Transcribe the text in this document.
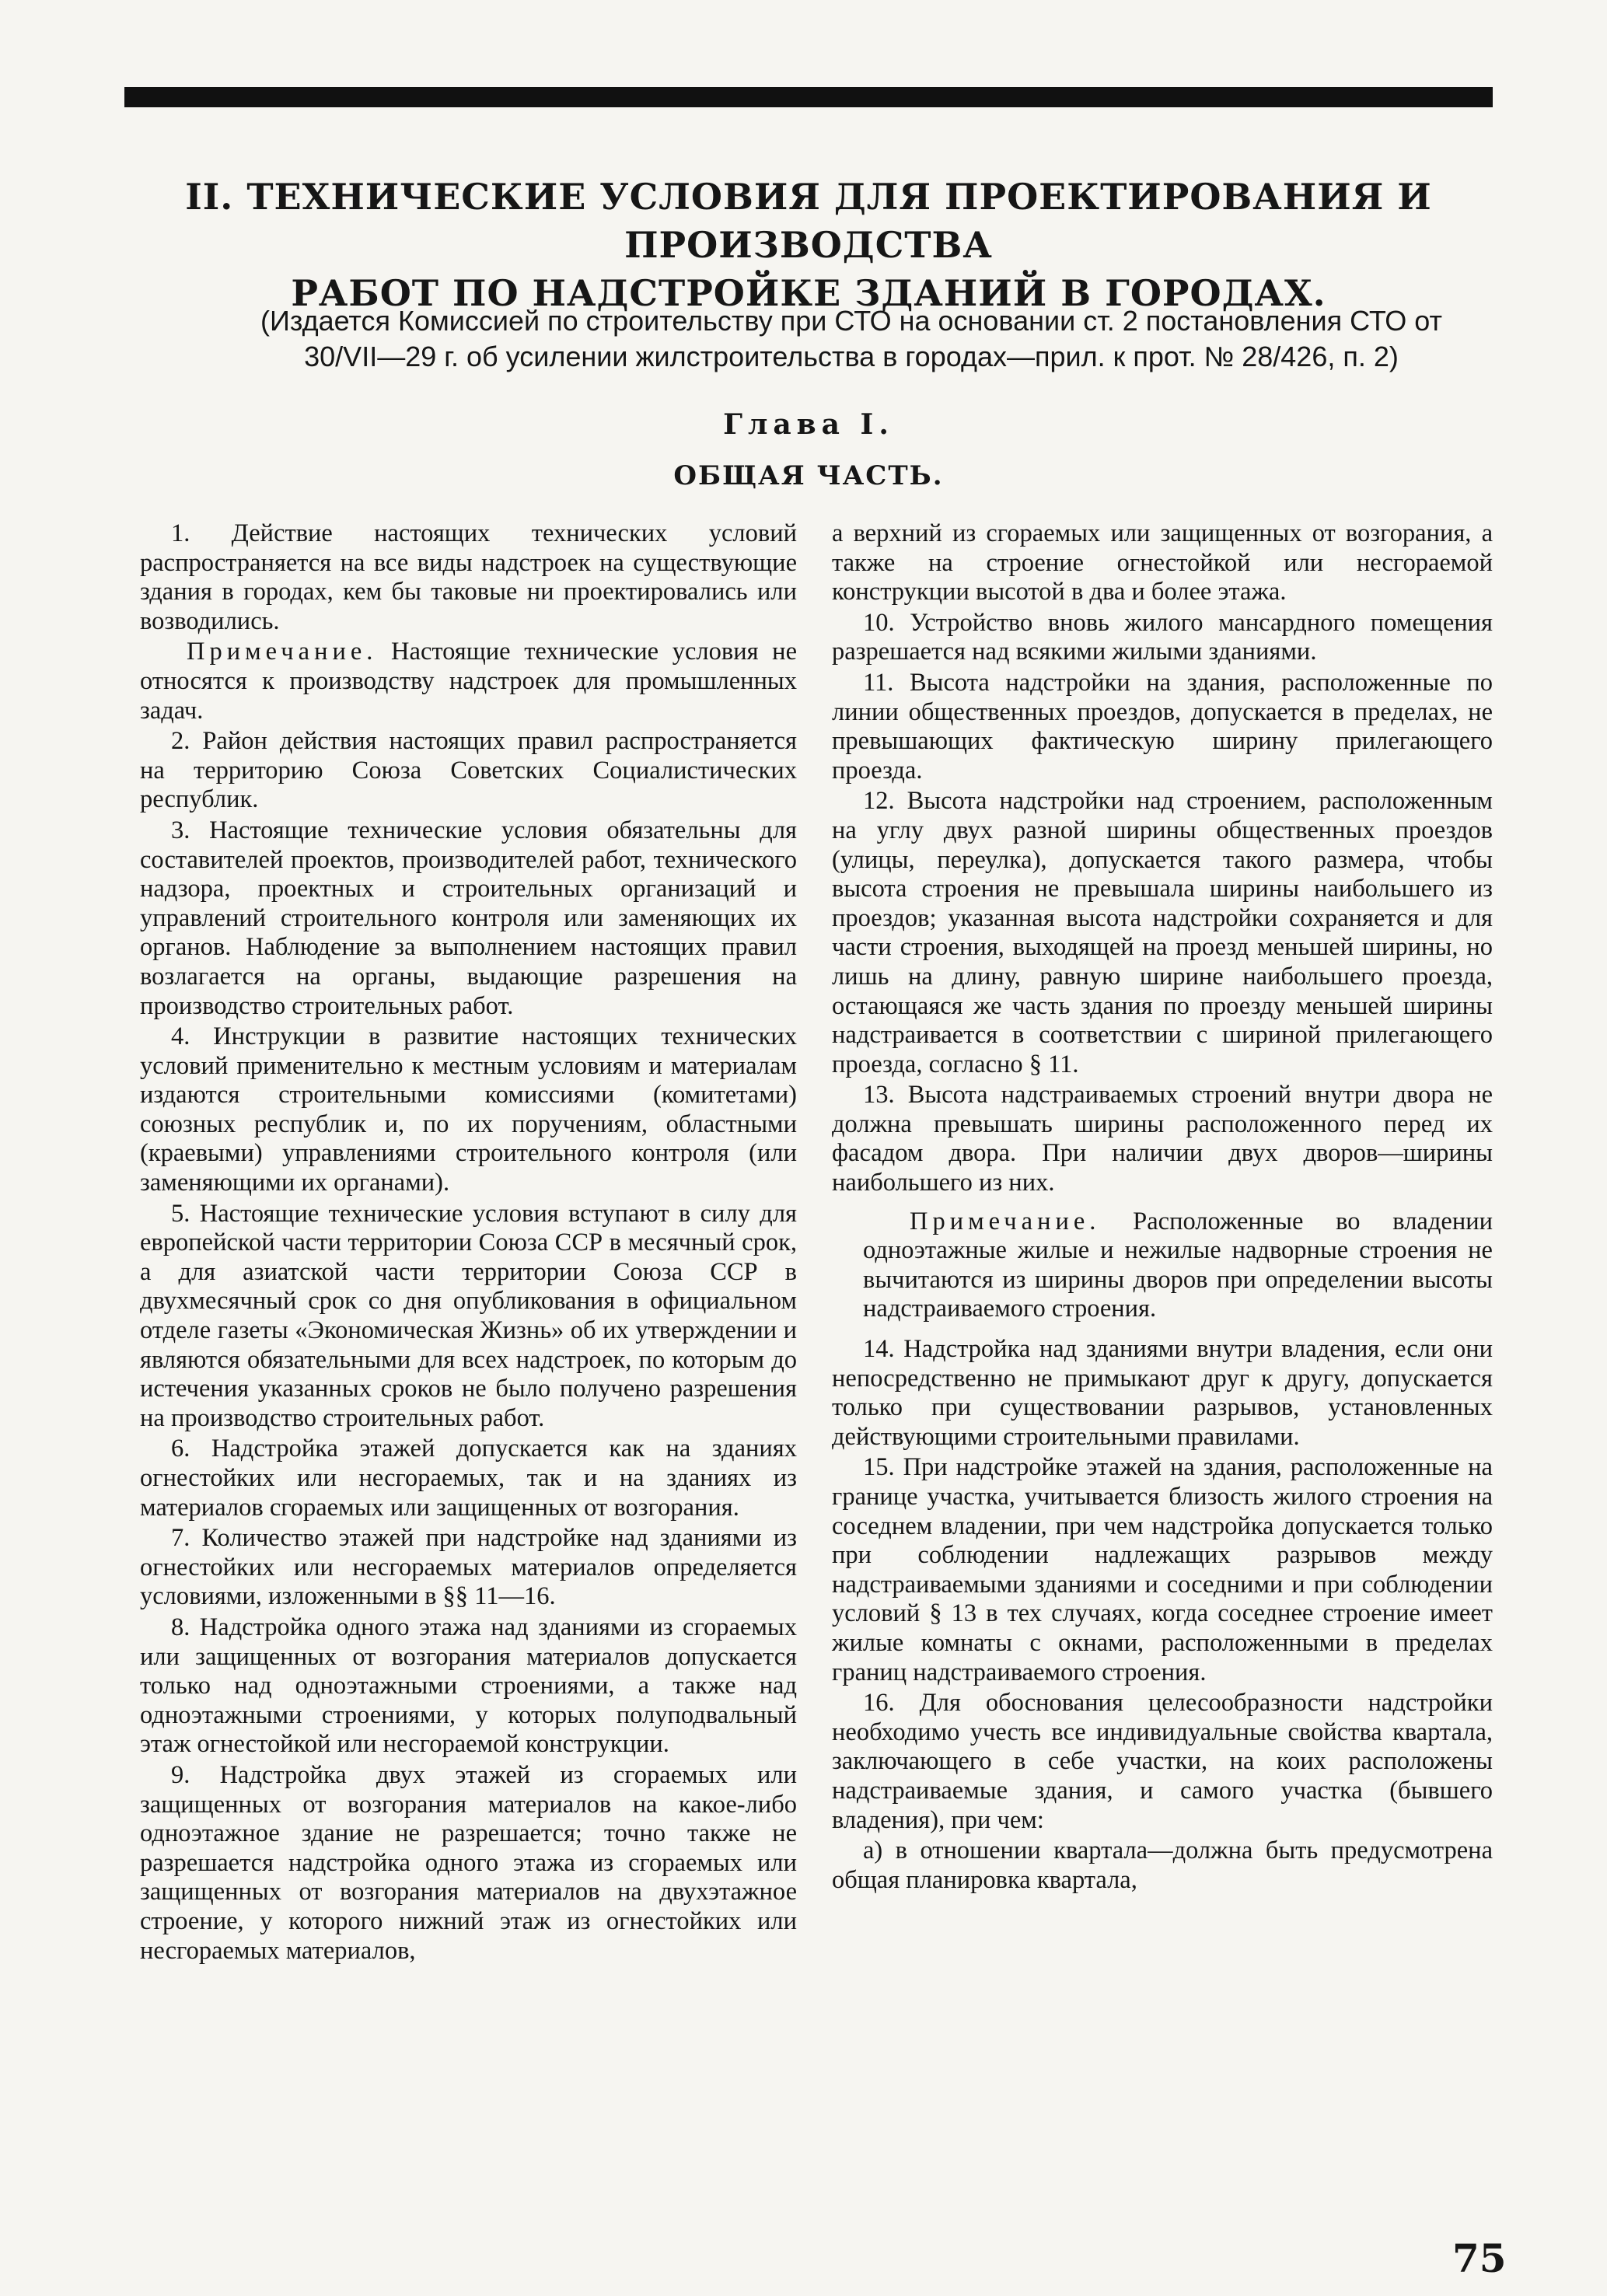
II. ТЕХНИЧЕСКИЕ УСЛОВИЯ ДЛЯ ПРОЕКТИРОВАНИЯ И ПРОИЗВОДСТВА
РАБОТ ПО НАДСТРОЙКЕ ЗДАНИЙ В ГОРОДАХ.
(Издается Комиссией по строительству при СТО на основании ст. 2 постановления СТО от
30/VII—29 г. об усилении жилстроительства в городах—прил. к прот. № 28/426, п. 2)
Глава I.
ОБЩАЯ ЧАСТЬ.

1. Действие настоящих технических условий распространяется на все виды надстроек на существующие здания в городах, кем бы таковые ни проектировались или возводились.

Примечание. Настоящие технические условия не относятся к производству надстроек для промышленных задач.

2. Район действия настоящих правил распространяется на территорию Союза Советских Социалистических республик.

3. Настоящие технические условия обязательны для составителей проектов, производителей работ, технического надзора, проектных и строительных организаций и управлений строительного контроля или заменяющих их органов. Наблюдение за выполнением настоящих правил возлагается на органы, выдающие разрешения на производство строительных работ.

4. Инструкции в развитие настоящих технических условий применительно к местным условиям и материалам издаются строительными комиссиями (комитетами) союзных республик и, по их поручениям, областными (краевыми) управлениями строительного контроля (или заменяющими их органами).

5. Настоящие технические условия вступают в силу для европейской части территории Союза ССР в месячный срок, а для азиатской части территории Союза ССР в двухмесячный срок со дня опубликования в официальном отделе газеты «Экономическая Жизнь» об их утверждении и являются обязательными для всех надстроек, по которым до истечения указанных сроков не было получено разрешения на производство строительных работ.

6. Надстройка этажей допускается как на зданиях огнестойких или несгораемых, так и на зданиях из материалов сгораемых или защищенных от возгорания.

7. Количество этажей при надстройке над зданиями из огнестойких или несгораемых материалов определяется условиями, изложенными в §§ 11—16.

8. Надстройка одного этажа над зданиями из сгораемых или защищенных от возгорания материалов допускается только над одноэтажными строениями, а также над одноэтажными строениями, у которых полуподвальный этаж огнестойкой или несгораемой конструкции.

9. Надстройка двух этажей из сгораемых или защищенных от возгорания материалов на какое-либо одноэтажное здание не разрешается; точно также не разрешается надстройка одного этажа из сгораемых или защищенных от возгорания материалов на двухэтажное строение, у которого нижний этаж из огнестойких или несгораемых материалов,

а верхний из сгораемых или защищенных от возгорания, а также на строение огнестойкой или несгораемой конструкции высотой в два и более этажа.

10. Устройство вновь жилого мансардного помещения разрешается над всякими жилыми зданиями.

11. Высота надстройки на здания, расположенные по линии общественных проездов, допускается в пределах, не превышающих фактическую ширину прилегающего проезда.

12. Высота надстройки над строением, расположенным на углу двух разной ширины общественных проездов (улицы, переулка), допускается такого размера, чтобы высота строения не превышала ширины наибольшего из проездов; указанная высота надстройки сохраняется и для части строения, выходящей на проезд меньшей ширины, но лишь на длину, равную ширине наибольшего проезда, остающаяся же часть здания по проезду меньшей ширины надстраивается в соответствии с шириной прилегающего проезда, согласно § 11.

13. Высота надстраиваемых строений внутри двора не должна превышать ширины расположенного перед их фасадом двора. При наличии двух дворов—ширины наибольшего из них.

Примечание. Расположенные во владении одноэтажные жилые и нежилые надворные строения не вычитаются из ширины дворов при определении высоты надстраиваемого строения.

14. Надстройка над зданиями внутри владения, если они непосредственно не примыкают друг к другу, допускается только при существовании разрывов, установленных действующими строительными правилами.

15. При надстройке этажей на здания, расположенные на границе участка, учитывается близость жилого строения на соседнем владении, при чем надстройка допускается только при соблюдении надлежащих разрывов между надстраиваемыми зданиями и соседними и при соблюдении условий § 13 в тех случаях, когда соседнее строение имеет жилые комнаты с окнами, расположенными в пределах границ надстраиваемого строения.

16. Для обоснования целесообразности надстройки необходимо учесть все индивидуальные свойства квартала, заключающего в себе участки, на коих расположены надстраиваемые здания, и самого участка (бывшего владения), при чем:

а) в отношении квартала—должна быть предусмотрена общая планировка квартала,

75
